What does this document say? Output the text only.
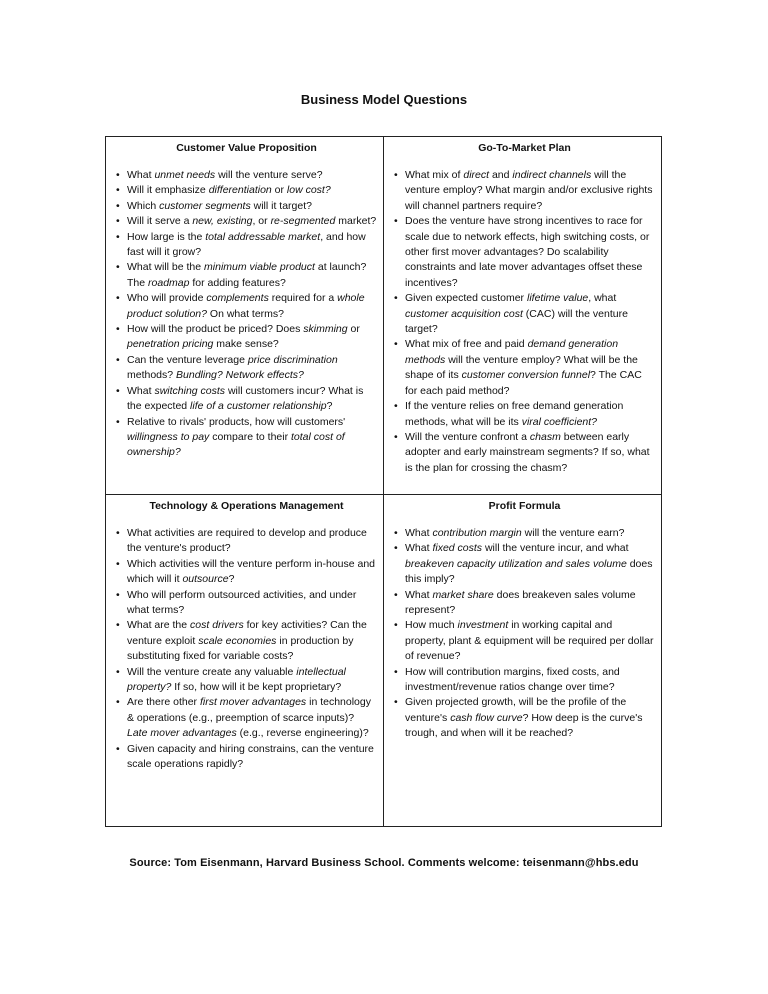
Business Model Questions
Customer Value Proposition
• What unmet needs will the venture serve?
• Will it emphasize differentiation or low cost?
• Which customer segments will it target?
• Will it serve a new, existing, or re-segmented market?
• How large is the total addressable market, and how fast will it grow?
• What will be the minimum viable product at launch? The roadmap for adding features?
• Who will provide complements required for a whole product solution? On what terms?
• How will the product be priced? Does skimming or penetration pricing make sense?
• Can the venture leverage price discrimination methods? Bundling? Network effects?
• What switching costs will customers incur? What is the expected life of a customer relationship?
• Relative to rivals' products, how will customers' willingness to pay compare to their total cost of ownership?
Go-To-Market Plan
• What mix of direct and indirect channels will the venture employ? What margin and/or exclusive rights will channel partners require?
• Does the venture have strong incentives to race for scale due to network effects, high switching costs, or other first mover advantages? Do scalability constraints and late mover advantages offset these incentives?
• Given expected customer lifetime value, what customer acquisition cost (CAC) will the venture target?
• What mix of free and paid demand generation methods will the venture employ? What will be the shape of its customer conversion funnel? The CAC for each paid method?
• If the venture relies on free demand generation methods, what will be its viral coefficient?
• Will the venture confront a chasm between early adopter and early mainstream segments? If so, what is the plan for crossing the chasm?
Technology & Operations Management
• What activities are required to develop and produce the venture's product?
• Which activities will the venture perform in-house and which will it outsource?
• Who will perform outsourced activities, and under what terms?
• What are the cost drivers for key activities? Can the venture exploit scale economies in production by substituting fixed for variable costs?
• Will the venture create any valuable intellectual property? If so, how will it be kept proprietary?
• Are there other first mover advantages in technology & operations (e.g., preemption of scarce inputs)? Late mover advantages (e.g., reverse engineering)?
• Given capacity and hiring constrains, can the venture scale operations rapidly?
Profit Formula
• What contribution margin will the venture earn?
• What fixed costs will the venture incur, and what breakeven capacity utilization and sales volume does this imply?
• What market share does breakeven sales volume represent?
• How much investment in working capital and property, plant & equipment will be required per dollar of revenue?
• How will contribution margins, fixed costs, and investment/revenue ratios change over time?
• Given projected growth, will be the profile of the venture's cash flow curve? How deep is the curve's trough, and when will it be reached?
Source: Tom Eisenmann, Harvard Business School. Comments welcome: teisenmann@hbs.edu
